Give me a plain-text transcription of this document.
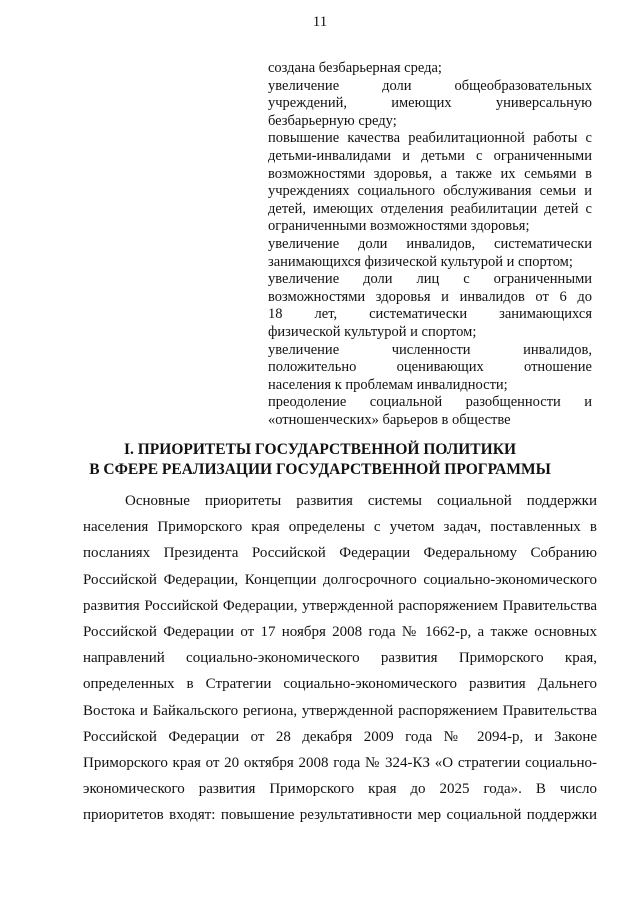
11
создана безбарьерная среда;
увеличение доли общеобразовательных
учреждений, имеющих универсальную
безбарьерную среду;
повышение качества реабилитационной работы с
детьми-инвалидами и детьми с ограниченными
возможностями здоровья, а также их семьями в
учреждениях социального обслуживания семьи и
детей, имеющих отделения реабилитации детей с
ограниченными возможностями здоровья;
увеличение доли инвалидов, систематически
занимающихся физической культурой и спортом;
увеличение доли лиц с ограниченными
возможностями здоровья и инвалидов от 6 до
18 лет, систематически занимающихся
физической культурой и спортом;
увеличение численности инвалидов,
положительно оценивающих отношение
населения к проблемам инвалидности;
преодоление социальной разобщенности и
«отношенческих» барьеров в обществе
I. ПРИОРИТЕТЫ ГОСУДАРСТВЕННОЙ ПОЛИТИКИ
В СФЕРЕ РЕАЛИЗАЦИИ ГОСУДАРСТВЕННОЙ ПРОГРАММЫ
Основные приоритеты развития системы социальной поддержки
населения Приморского края определены с учетом задач, поставленных в
посланиях Президента Российской Федерации Федеральному Собранию
Российской Федерации, Концепции долгосрочного социально-экономического
развития Российской Федерации, утвержденной распоряжением Правительства
Российской Федерации от 17 ноября 2008 года № 1662-р, а также основных
направлений социально-экономического развития Приморского края,
определенных в Стратегии социально-экономического развития Дальнего
Востока и Байкальского региона, утвержденной распоряжением Правительства
Российской Федерации от 28 декабря 2009 года № 2094-р, и Законе
Приморского края от 20 октября 2008 года № 324-КЗ «О стратегии социально-
экономического развития Приморского края до 2025 года». В число
приоритетов входят: повышение результативности мер социальной поддержки
